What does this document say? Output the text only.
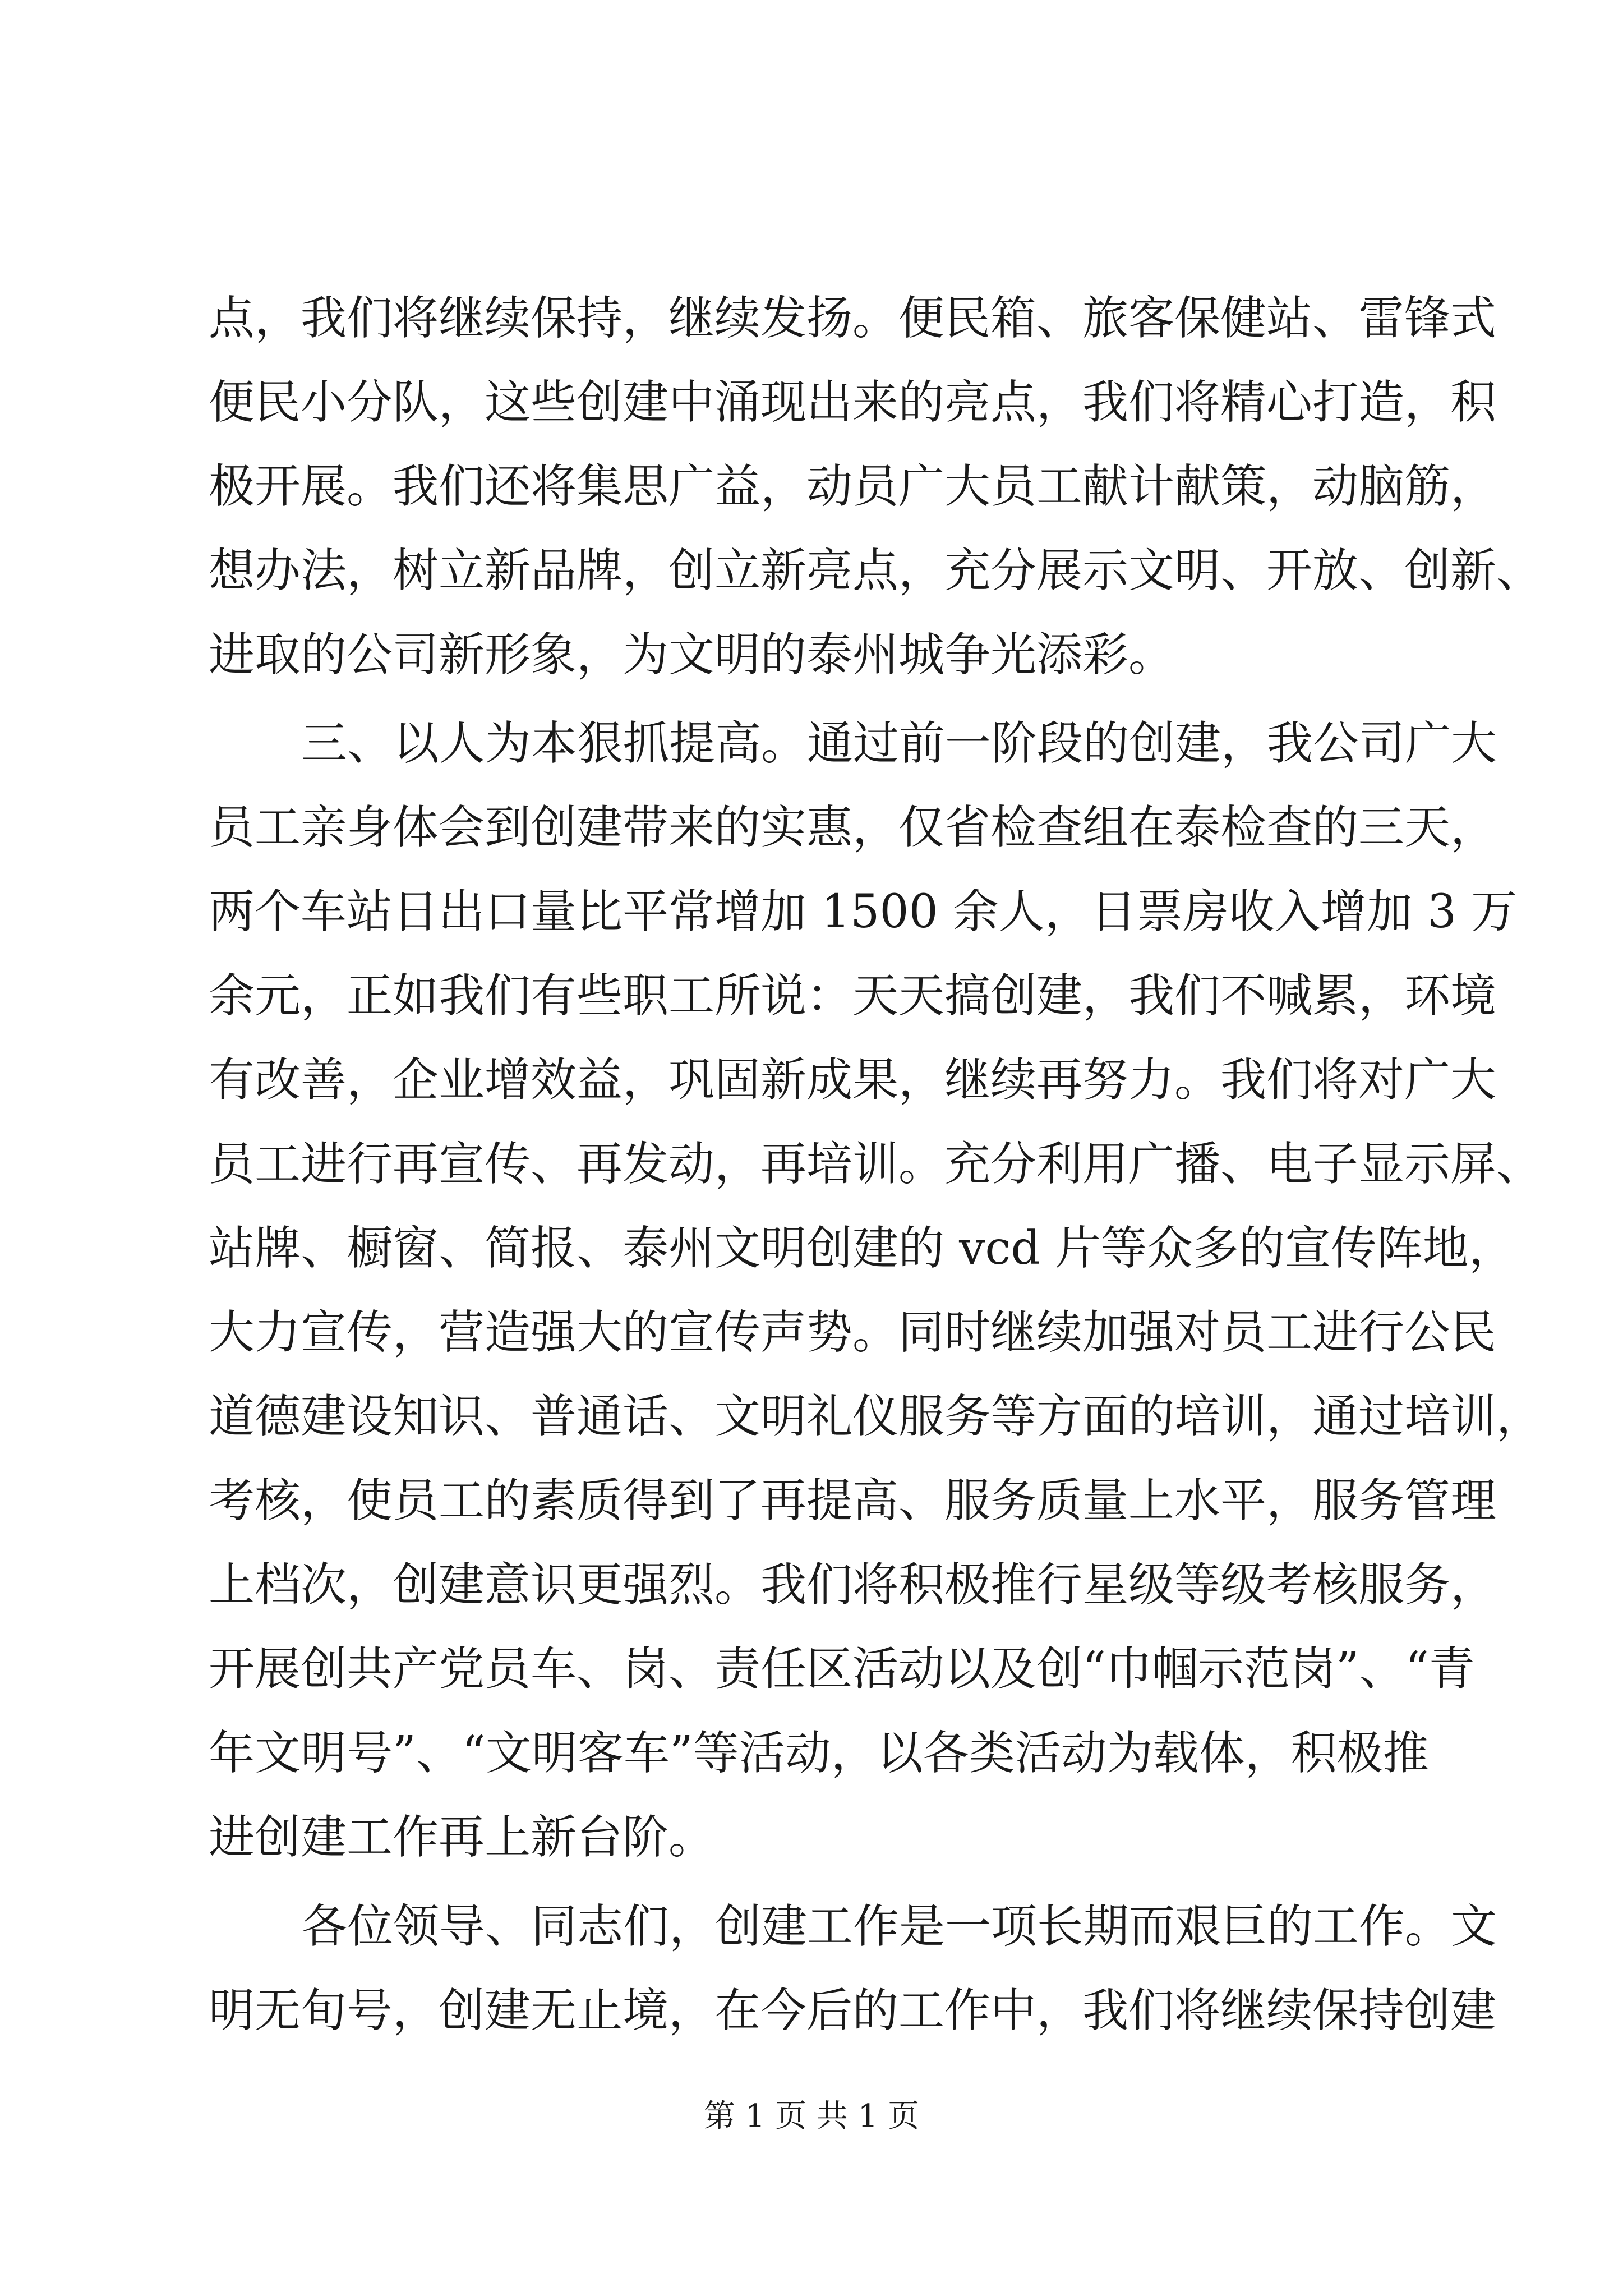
点，我们将继续保持，继续发扬。便民箱、旅客保健站、雷锋式
便民小分队，这些创建中涌现出来的亮点，我们将精心打造，积
极开展。我们还将集思广益，动员广大员工献计献策，动脑筋，
想办法，树立新品牌，创立新亮点，充分展示文明、开放、创新、
进取的公司新形象，为文明的泰州城争光添彩。
三、以人为本狠抓提高。通过前一阶段的创建，我公司广大
员工亲身体会到创建带来的实惠，仅省检查组在泰检查的三天，
两个车站日出口量比平常增加 1500 余人，日票房收入增加 3 万
余元，正如我们有些职工所说：天天搞创建，我们不喊累，环境
有改善，企业增效益，巩固新成果，继续再努力。我们将对广大
员工进行再宣传、再发动，再培训。充分利用广播、电子显示屏、
站牌、橱窗、简报、泰州文明创建的 vcd 片等众多的宣传阵地，
大力宣传，营造强大的宣传声势。同时继续加强对员工进行公民
道德建设知识、普通话、文明礼仪服务等方面的培训，通过培训，
考核，使员工的素质得到了再提高、服务质量上水平，服务管理
上档次，创建意识更强烈。我们将积极推行星级等级考核服务，
开展创共产党员车、岗、责任区活动以及创“巾帼示范岗”、“青
年文明号”、“文明客车”等活动，以各类活动为载体，积极推
进创建工作再上新台阶。
各位领导、同志们，创建工作是一项长期而艰巨的工作。文
明无旬号，创建无止境，在今后的工作中，我们将继续保持创建
第 1 页 共 1 页
